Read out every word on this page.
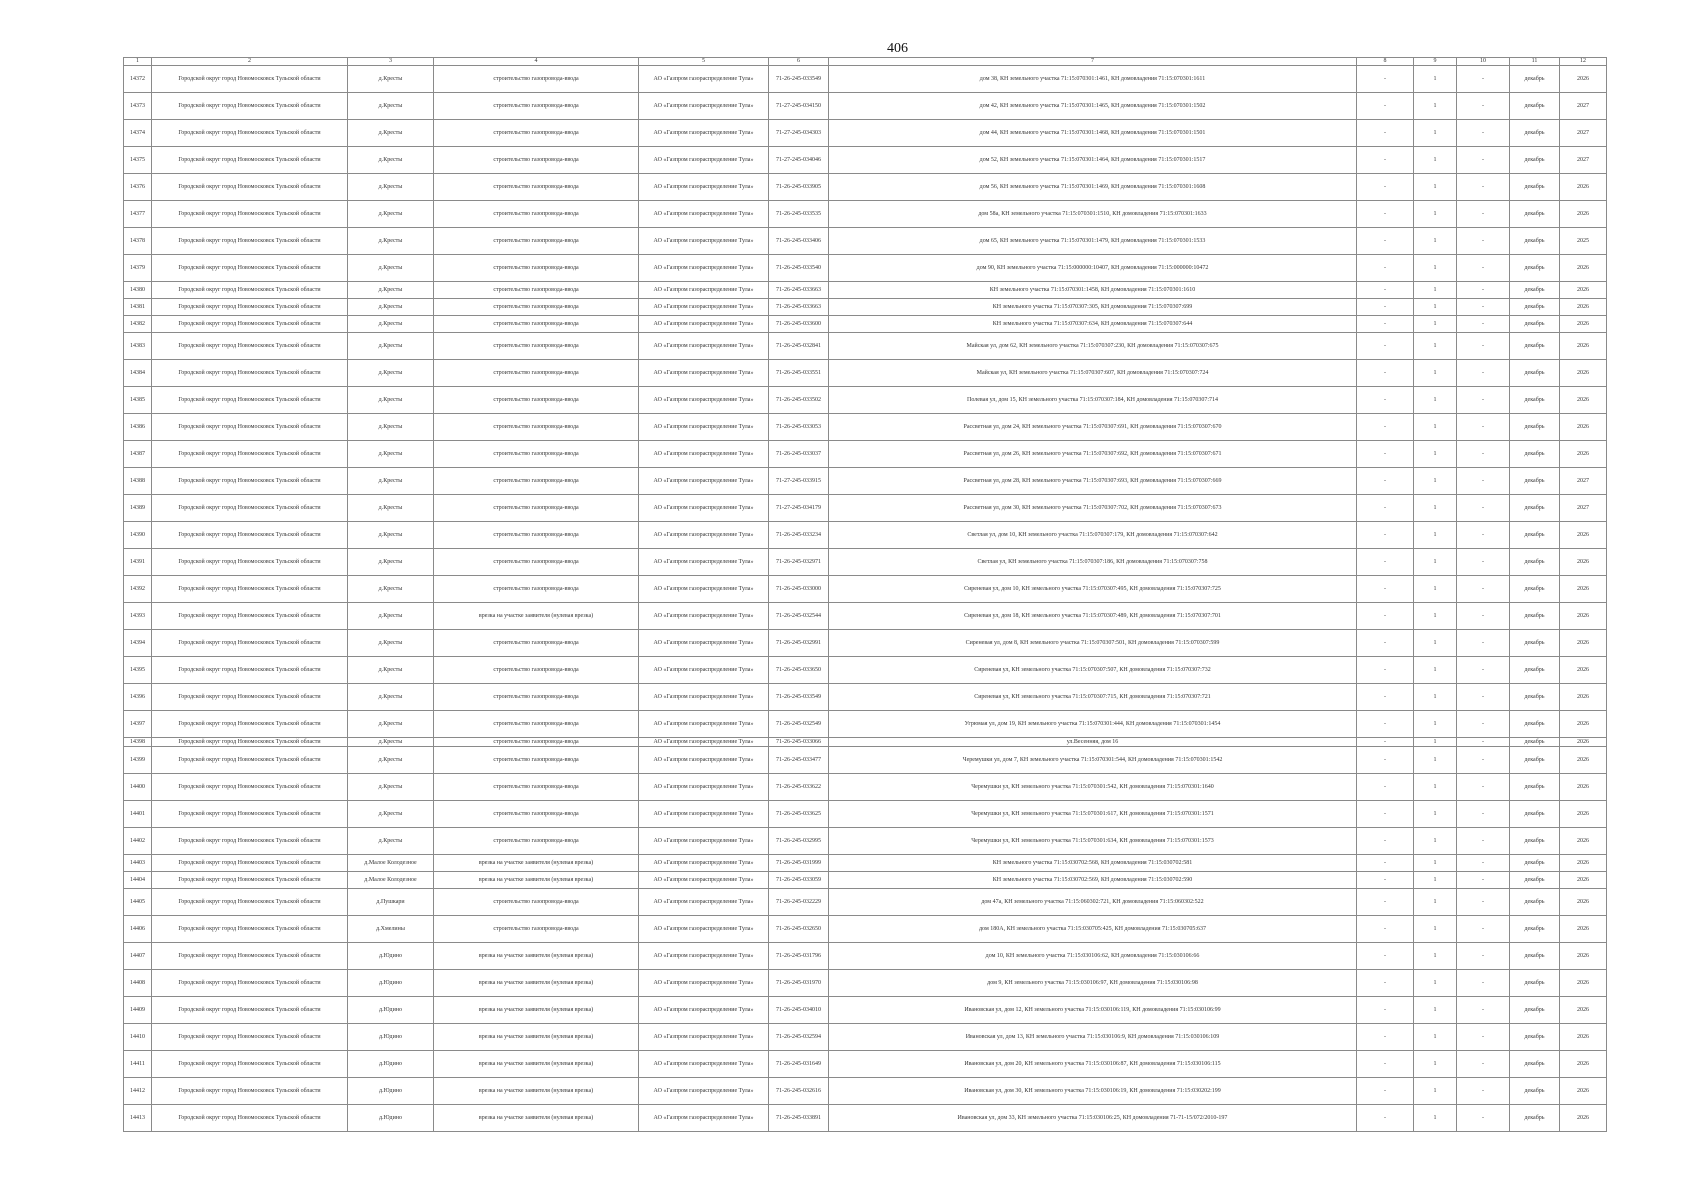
406
1	2	3	4	5	6	7	8	9	10	11	12
14372	Городской округ город Новомосковск Тульской области	д.Кресты	строительство газопровода-ввода	АО «Газпром газораспределение Тула»	71-26-245-033549	дом 38, КН земельного участка 71:15:070301:1461, КН домовладения 71:15:070301:1611	-	1	-	декабрь	2026
14373	Городской округ город Новомосковск Тульской области	д.Кресты	строительство газопровода-ввода	АО «Газпром газораспределение Тула»	71-27-245-034150	дом 42, КН земельного участка 71:15:070301:1465, КН домовладения 71:15:070301:1502	-	1	-	декабрь	2027
14374	Городской округ город Новомосковск Тульской области	д.Кресты	строительство газопровода-ввода	АО «Газпром газораспределение Тула»	71-27-245-034303	дом 44, КН земельного участка 71:15:070301:1468, КН домовладения 71:15:070301:1501	-	1	-	декабрь	2027
14375	Городской округ город Новомосковск Тульской области	д.Кресты	строительство газопровода-ввода	АО «Газпром газораспределение Тула»	71-27-245-034046	дом 52, КН земельного участка 71:15:070301:1464, КН домовладения 71:15:070301:1517	-	1	-	декабрь	2027
14376	Городской округ город Новомосковск Тульской области	д.Кресты	строительство газопровода-ввода	АО «Газпром газораспределение Тула»	71-26-245-033905	дом 56, КН земельного участка 71:15:070301:1469, КН домовладения 71:15:070301:1608	-	1	-	декабрь	2026
14377	Городской округ город Новомосковск Тульской области	д.Кресты	строительство газопровода-ввода	АО «Газпром газораспределение Тула»	71-26-245-033535	дом 58а, КН земельного участка 71:15:070301:1510, КН домовладения 71:15:070301:1633	-	1	-	декабрь	2026
14378	Городской округ город Новомосковск Тульской области	д.Кресты	строительство газопровода-ввода	АО «Газпром газораспределение Тула»	71-26-245-033406	дом 65, КН земельного участка 71:15:070301:1479, КН домовладения 71:15:070301:1533	-	1	-	декабрь	2025
14379	Городской округ город Новомосковск Тульской области	д.Кресты	строительство газопровода-ввода	АО «Газпром газораспределение Тула»	71-26-245-033540	дом 90, КН земельного участка 71:15:000000:10407, КН домовладения 71:15:000000:10472	-	1	-	декабрь	2026
14380	Городской округ город Новомосковск Тульской области	д.Кресты	строительство газопровода-ввода	АО «Газпром газораспределение Тула»	71-26-245-033663	КН земельного участка 71:15:070301:1458, КН домовладения 71:15:070301:1610	-	1	-	декабрь	2026
14381	Городской округ город Новомосковск Тульской области	д.Кресты	строительство газопровода-ввода	АО «Газпром газораспределение Тула»	71-26-245-033663	КН земельного участка 71:15:070307:305, КН домовладения 71:15:070307:699	-	1	-	декабрь	2026
14382	Городской округ город Новомосковск Тульской области	д.Кресты	строительство газопровода-ввода	АО «Газпром газораспределение Тула»	71-26-245-033600	КН земельного участка 71:15:070307:634, КН домовладения 71:15:070307:644	-	1	-	декабрь	2026
14383	Городской округ город Новомосковск Тульской области	д.Кресты	строительство газопровода-ввода	АО «Газпром газораспределение Тула»	71-26-245-032841	Майская ул, дом 62, КН земельного участка 71:15:070307:230, КН домовладения 71:15:070307:675	-	1	-	декабрь	2026
14384	Городской округ город Новомосковск Тульской области	д.Кресты	строительство газопровода-ввода	АО «Газпром газораспределение Тула»	71-26-245-033551	Майская ул, КН земельного участка 71:15:070307:607, КН домовладения 71:15:070307:724	-	1	-	декабрь	2026
14385	Городской округ город Новомосковск Тульской области	д.Кресты	строительство газопровода-ввода	АО «Газпром газораспределение Тула»	71-26-245-033502	Полевая ул, дом 15, КН земельного участка 71:15:070307:184, КН домовладения 71:15:070307:714	-	1	-	декабрь	2026
14386	Городской округ город Новомосковск Тульской области	д.Кресты	строительство газопровода-ввода	АО «Газпром газораспределение Тула»	71-26-245-033053	Рассветная ул, дом 24, КН земельного участка 71:15:070307:691, КН домовладения 71:15:070307:670	-	1	-	декабрь	2026
14387	Городской округ город Новомосковск Тульской области	д.Кресты	строительство газопровода-ввода	АО «Газпром газораспределение Тула»	71-26-245-033037	Рассветная ул, дом 26, КН земельного участка 71:15:070307:692, КН домовладения 71:15:070307:671	-	1	-	декабрь	2026
14388	Городской округ город Новомосковск Тульской области	д.Кресты	строительство газопровода-ввода	АО «Газпром газораспределение Тула»	71-27-245-033915	Рассветная ул, дом 28, КН земельного участка 71:15:070307:693, КН домовладения 71:15:070307:669	-	1	-	декабрь	2027
14389	Городской округ город Новомосковск Тульской области	д.Кресты	строительство газопровода-ввода	АО «Газпром газораспределение Тула»	71-27-245-034179	Рассветная ул, дом 30, КН земельного участка 71:15:070307:702, КН домовладения 71:15:070307:673	-	1	-	декабрь	2027
14390	Городской округ город Новомосковск Тульской области	д.Кресты	строительство газопровода-ввода	АО «Газпром газораспределение Тула»	71-26-245-033234	Светлая ул, дом 10, КН земельного участка 71:15:070307:179, КН домовладения 71:15:070307:642	-	1	-	декабрь	2026
14391	Городской округ город Новомосковск Тульской области	д.Кресты	строительство газопровода-ввода	АО «Газпром газораспределение Тула»	71-26-245-032971	Светлая ул, КН земельного участка 71:15:070307:186, КН домовладения 71:15:070307:758	-	1	-	декабрь	2026
14392	Городской округ город Новомосковск Тульской области	д.Кресты	строительство газопровода-ввода	АО «Газпром газораспределение Тула»	71-26-245-033000	Сиреневая ул, дом 10, КН земельного участка 71:15:070307:495, КН домовладения 71:15:070307:725	-	1	-	декабрь	2026
14393	Городской округ город Новомосковск Тульской области	д.Кресты	врезка на участке заявителя (нулевая врезка)	АО «Газпром газораспределение Тула»	71-26-245-032544	Сиреневая ул, дом 18, КН земельного участка 71:15:070307:489, КН домовладения 71:15:070307:701	-	1	-	декабрь	2026
14394	Городской округ город Новомосковск Тульской области	д.Кресты	строительство газопровода-ввода	АО «Газпром газораспределение Тула»	71-26-245-032991	Сиреневая ул, дом 8, КН земельного участка 71:15:070307:501, КН домовладения 71:15:070307:599	-	1	-	декабрь	2026
14395	Городской округ город Новомосковск Тульской области	д.Кресты	строительство газопровода-ввода	АО «Газпром газораспределение Тула»	71-26-245-033650	Сиреневая ул, КН земельного участка 71:15:070307:507, КН домовладения 71:15:070307:732	-	1	-	декабрь	2026
14396	Городской округ город Новомосковск Тульской области	д.Кресты	строительство газопровода-ввода	АО «Газпром газораспределение Тула»	71-26-245-033549	Сиреневая ул, КН земельного участка 71:15:070307:715, КН домовладения 71:15:070307:721	-	1	-	декабрь	2026
14397	Городской округ город Новомосковск Тульской области	д.Кресты	строительство газопровода-ввода	АО «Газпром газораспределение Тула»	71-26-245-032549	Угрюмая ул, дом 19, КН земельного участка 71:15:070301:444, КН домовладения 71:15:070301:1454	-	1	-	декабрь	2026
14398	Городской округ город Новомосковск Тульской области	д.Кресты	строительство газопровода-ввода	АО «Газпром газораспределение Тула»	71-26-245-033066	ул.Весенняя, дом 16	-	1	-	декабрь	2026
14399	Городской округ город Новомосковск Тульской области	д.Кресты	строительство газопровода-ввода	АО «Газпром газораспределение Тула»	71-26-245-033477	Черемушки ул, дом 7, КН земельного участка 71:15:070301:544, КН домовладения 71:15:070301:1542	-	1	-	декабрь	2026
14400	Городской округ город Новомосковск Тульской области	д.Кресты	строительство газопровода-ввода	АО «Газпром газораспределение Тула»	71-26-245-033622	Черемушки ул, КН земельного участка 71:15:070301:542, КН домовладения 71:15:070301:1640	-	1	-	декабрь	2026
14401	Городской округ город Новомосковск Тульской области	д.Кресты	строительство газопровода-ввода	АО «Газпром газораспределение Тула»	71-26-245-033625	Черемушки ул, КН земельного участка 71:15:070301:617, КН домовладения 71:15:070301:1571	-	1	-	декабрь	2026
14402	Городской округ город Новомосковск Тульской области	д.Кресты	строительство газопровода-ввода	АО «Газпром газораспределение Тула»	71-26-245-032995	Черемушки ул, КН земельного участка 71:15:070301:634, КН домовладения 71:15:070301:1573	-	1	-	декабрь	2026
14403	Городской округ город Новомосковск Тульской области	д.Малое Колодезное	врезка на участке заявителя (нулевая врезка)	АО «Газпром газораспределение Тула»	71-26-245-031999	КН земельного участка 71:15:030702:568, КН домовладения 71:15:030702:581	-	1	-	декабрь	2026
14404	Городской округ город Новомосковск Тульской области	д.Малое Колодезное	врезка на участке заявителя (нулевая врезка)	АО «Газпром газораспределение Тула»	71-26-245-033059	КН земельного участка 71:15:030702:569, КН домовладения 71:15:030702:590	-	1	-	декабрь	2026
14405	Городской округ город Новомосковск Тульской области	д.Пушкари	строительство газопровода-ввода	АО «Газпром газораспределение Тула»	71-26-245-032229	дом 47а, КН земельного участка 71:15:060302:721, КН домовладения 71:15:060302:522	-	1	-	декабрь	2026
14406	Городской округ город Новомосковск Тульской области	д.Хмелины	строительство газопровода-ввода	АО «Газпром газораспределение Тула»	71-26-245-032650	дом 180А, КН земельного участка 71:15:030705:425, КН домовладения 71:15:030705:637	-	1	-	декабрь	2026
14407	Городской округ город Новомосковск Тульской области	д.Юдино	врезка на участке заявителя (нулевая врезка)	АО «Газпром газораспределение Тула»	71-26-245-031796	дом 10, КН земельного участка 71:15:030106:62, КН домовладения 71:15:030106:66	-	1	-	декабрь	2026
14408	Городской округ город Новомосковск Тульской области	д.Юдино	врезка на участке заявителя (нулевая врезка)	АО «Газпром газораспределение Тула»	71-26-245-031970	дом 9, КН земельного участка 71:15:030106:97, КН домовладения 71:15:030106:98	-	1	-	декабрь	2026
14409	Городской округ город Новомосковск Тульской области	д.Юдино	врезка на участке заявителя (нулевая врезка)	АО «Газпром газораспределение Тула»	71-26-245-034010	Ивановская ул, дом 12, КН земельного участка 71:15:030106:119, КН домовладения 71:15:030106:99	-	1	-	декабрь	2026
14410	Городской округ город Новомосковск Тульской области	д.Юдино	врезка на участке заявителя (нулевая врезка)	АО «Газпром газораспределение Тула»	71-26-245-032594	Ивановская ул, дом 13, КН земельного участка 71:15:030106:9, КН домовладения 71:15:030106:109	-	1	-	декабрь	2026
14411	Городской округ город Новомосковск Тульской области	д.Юдино	врезка на участке заявителя (нулевая врезка)	АО «Газпром газораспределение Тула»	71-26-245-031649	Ивановская ул, дом 20, КН земельного участка 71:15:030106:87, КН домовладения 71:15:030106:115	-	1	-	декабрь	2026
14412	Городской округ город Новомосковск Тульской области	д.Юдино	врезка на участке заявителя (нулевая врезка)	АО «Газпром газораспределение Тула»	71-26-245-032616	Ивановская ул, дом 30, КН земельного участка 71:15:030106:19, КН домовладения 71:15:030202:199	-	1	-	декабрь	2026
14413	Городской округ город Новомосковск Тульской области	д.Юдино	врезка на участке заявителя (нулевая врезка)	АО «Газпром газораспределение Тула»	71-26-245-033891	Ивановская ул, дом 33, КН земельного участка 71:15:030106:25, КН домовладения 71-71-15/072/2010-197	-	1	-	декабрь	2026
